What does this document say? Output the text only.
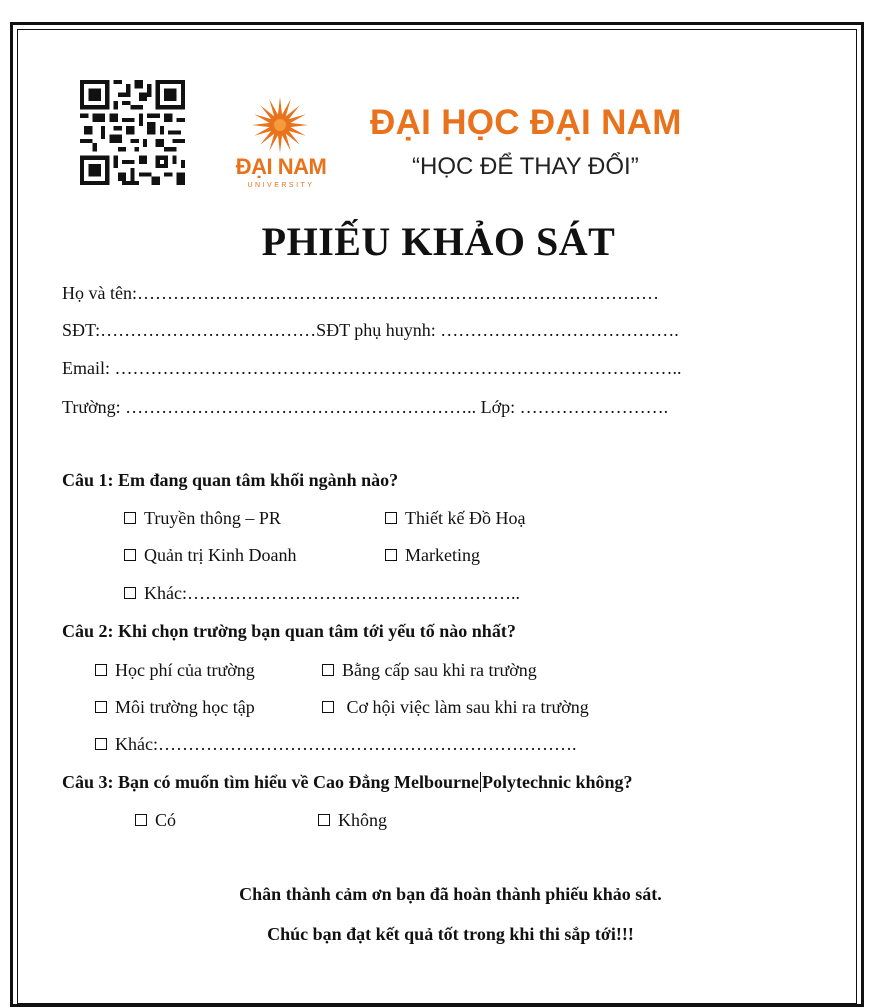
ĐẠI NAM
UNIVERSITY
ĐẠI HỌC ĐẠI NAM
“HỌC ĐỂ THAY ĐỔI”
PHIẾU KHẢO SÁT
Họ và tên:……………………………………………………………………………
SĐT:………………………………SĐT phụ huynh: ………………………………….
Email: …………………………………………………………………………………..
Trường: ………………………………………………….. Lớp: …………………….
Câu 1: Em đang quan tâm khối ngành nào?
Truyền thông – PR	Thiết kế Đồ Hoạ
Quản trị Kinh Doanh	Marketing
Khác:………………………………………………..
Câu 2: Khi chọn trường bạn quan tâm tới yếu tố nào nhất?
Học phí của trường	Bằng cấp sau khi ra trường
Môi trường học tập	Cơ hội việc làm sau khi ra trường
Khác:…………………………………………………………….
Câu 3: Bạn có muốn tìm hiểu về Cao Đẳng Melbourne Polytechnic không?
Có	Không
Chân thành cảm ơn bạn đã hoàn thành phiếu khảo sát.
Chúc bạn đạt kết quả tốt trong khi thi sắp tới!!!
